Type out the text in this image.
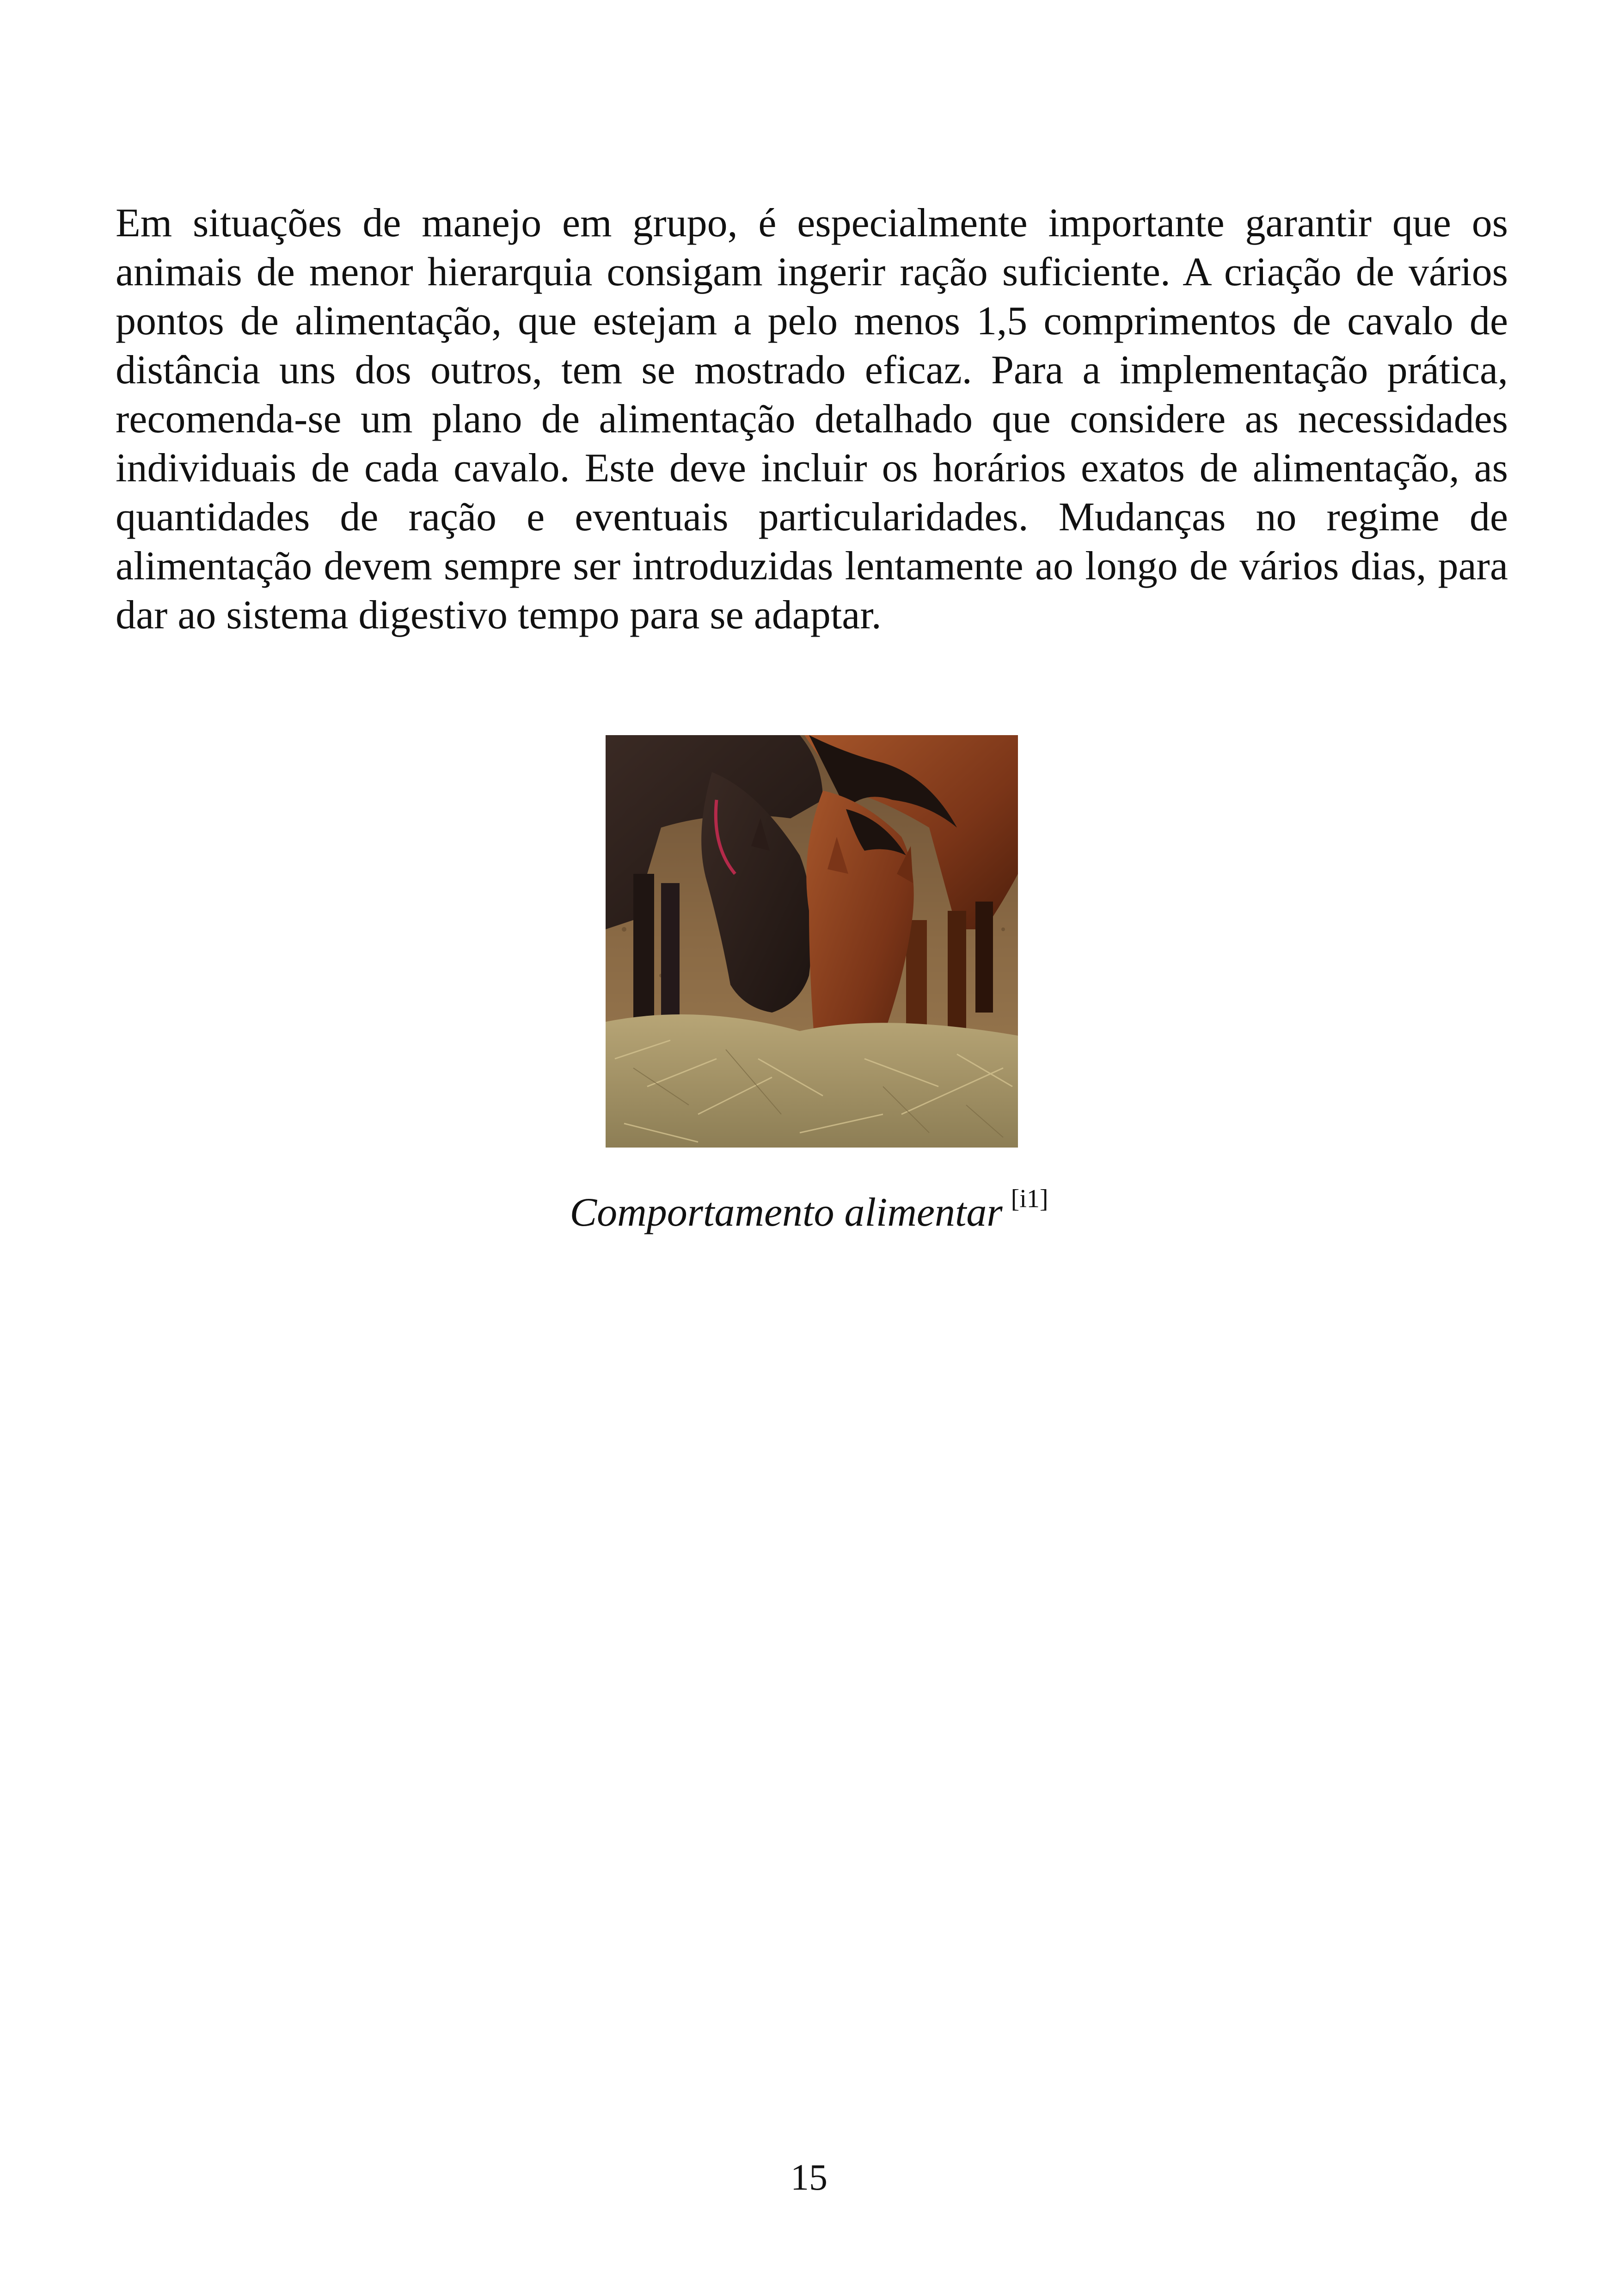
Em situações de manejo em grupo, é especialmente importante garantir que os animais de menor hierarquia consigam ingerir ração suficiente. A criação de vários pontos de alimentação, que estejam a pelo menos 1,5 comprimentos de cavalo de distância uns dos outros, tem se mostrado eficaz. Para a implementação prática, recomenda-se um plano de alimentação detalhado que considere as necessidades individuais de cada cavalo. Este deve incluir os horários exatos de alimentação, as quantidades de ração e eventuais particularidades. Mudanças no regime de alimentação devem sempre ser introduzidas lentamente ao longo de vários dias, para dar ao sistema digestivo tempo para se adaptar.

Comportamento alimentar [i1]

15
